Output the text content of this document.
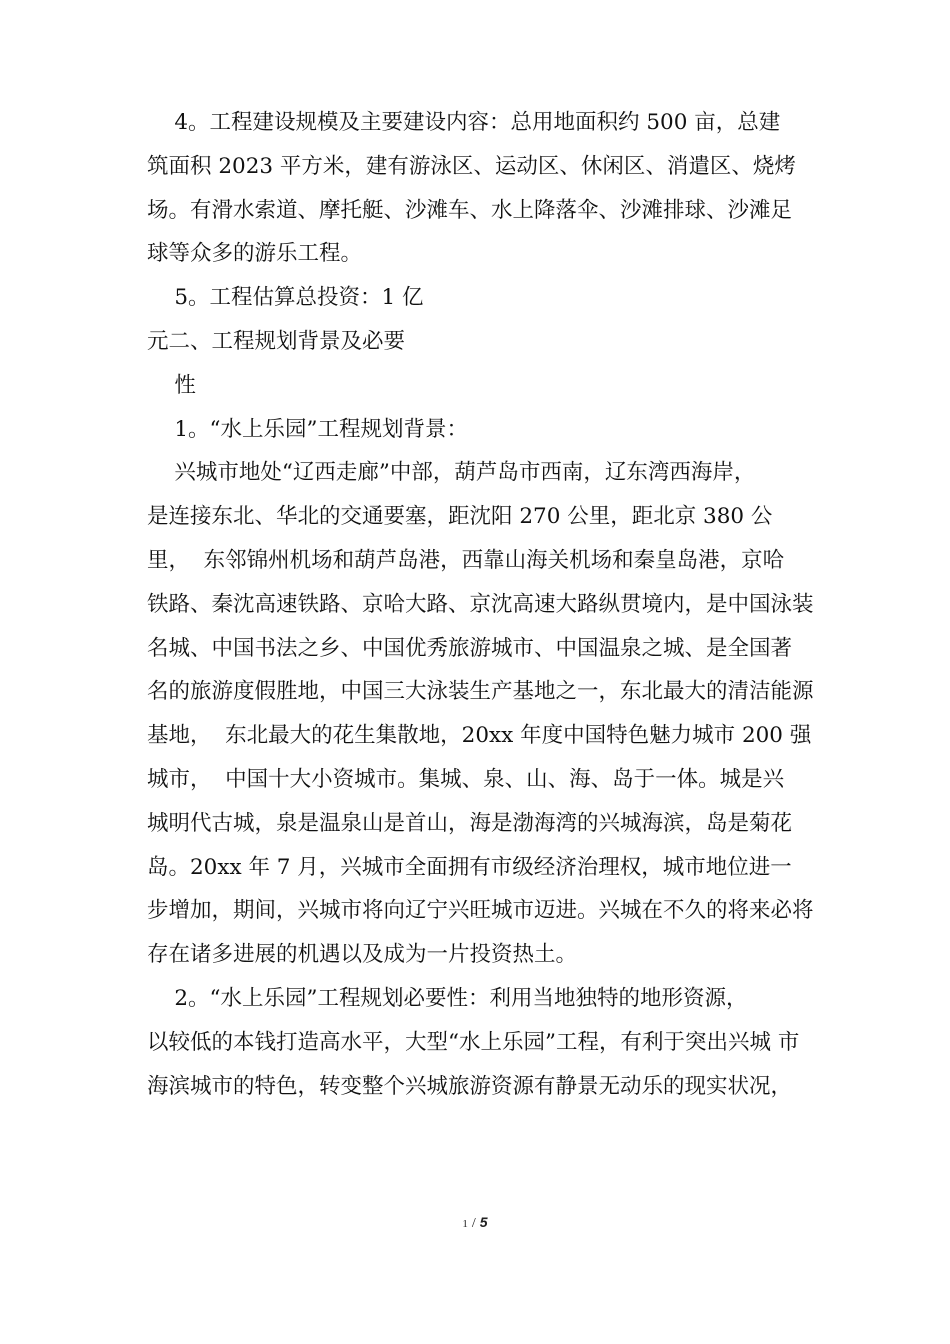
4。工程建设规模及主要建设内容：总用地面积约 500 亩，总建
筑面积 2023 平方米，建有游泳区、运动区、休闲区、消遣区、烧烤
场。有滑水索道、摩托艇、沙滩车、水上降落伞、沙滩排球、沙滩足
球等众多的游乐工程。
5。工程估算总投资：1 亿
元二、工程规划背景及必要
性
1。“水上乐园”工程规划背景：
兴城市地处“辽西走廊”中部，葫芦岛市西南，辽东湾西海岸，
是连接东北、华北的交通要塞，距沈阳 270 公里，距北京 380 公
里，  东邻锦州机场和葫芦岛港，西靠山海关机场和秦皇岛港，京哈
铁路、秦沈高速铁路、京哈大路、京沈高速大路纵贯境内，是中国泳装
名城、中国书法之乡、中国优秀旅游城市、中国温泉之城、是全国著
名的旅游度假胜地，中国三大泳装生产基地之一，东北最大的清洁能源
基地，  东北最大的花生集散地，20xx 年度中国特色魅力城市 200 强
城市，  中国十大小资城市。集城、泉、山、海、岛于一体。城是兴
城明代古城，泉是温泉山是首山，海是渤海湾的兴城海滨，岛是菊花
岛。20xx 年 7 月，兴城市全面拥有市级经济治理权，城市地位进一
步增加，期间，兴城市将向辽宁兴旺城市迈进。兴城在不久的将来必将
存在诸多进展的机遇以及成为一片投资热土。
2。“水上乐园”工程规划必要性：利用当地独特的地形资源，
以较低的本钱打造高水平，大型“水上乐园”工程，有利于突出兴城 市
海滨城市的特色，转变整个兴城旅游资源有静景无动乐的现实状况，
1 / 5
